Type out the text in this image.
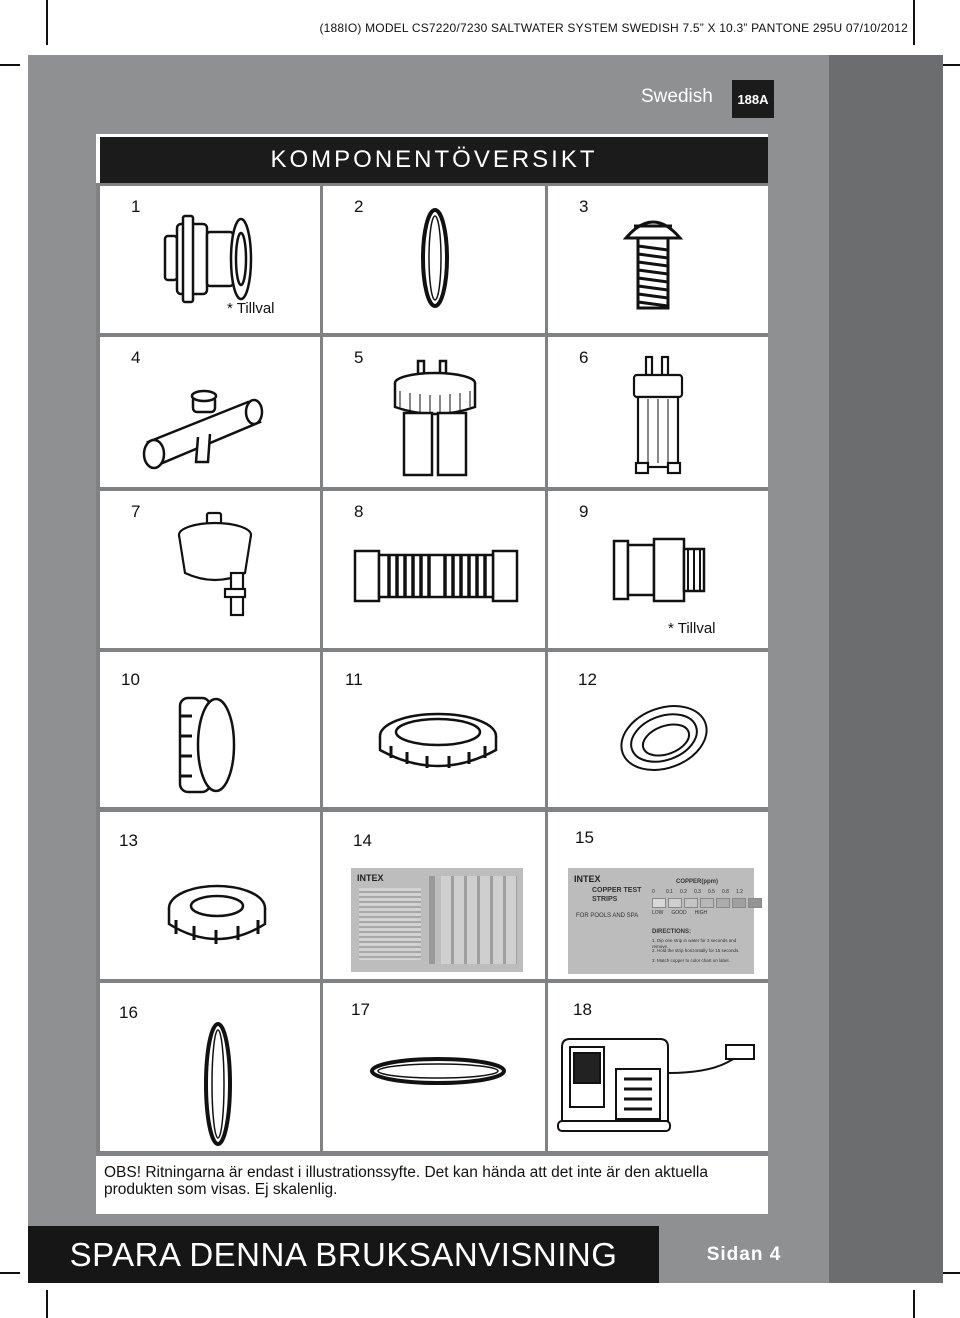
(188IO) MODEL CS7220/7230 SALTWATER SYSTEM SWEDISH 7.5” X 10.3” PANTONE 295U 07/10/2012
Swedish	188A
KOMPONENTÖVERSIKT
1
* Tillval
2	3
4	5	6
7	8	9
* Tillval
10	11	12
13	14
INTEX
15
INTEX
COPPER TEST STRIPS
FOR POOLS AND SPA
COPPER(ppm)
0	0.1	0.2	0.3	0.5	0.8	1.2
LOW GOOD HIGH
DIRECTIONS:
1. Dip one strip in water for 3 seconds and remove.
2. Hold the strip horizontally for 15 seconds.
3. Match copper to color chart on label.
16	17	18

OBS! Ritningarna är endast i illustrationssyfte. Det kan hända att det inte är den aktuella produkten som visas. Ej skalenlig.

SPARA DENNA BRUKSANVISNING	Sidan 4
